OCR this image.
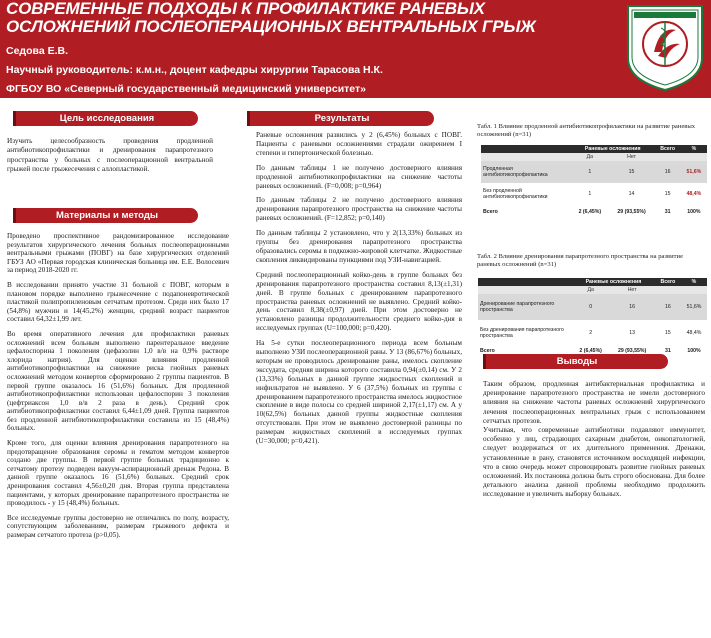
СОВРЕМЕННЫЕ ПОДХОДЫ К ПРОФИЛАКТИКЕ РАНЕВЫХ
ОСЛОЖНЕНИЙ ПОСЛЕОПЕРАЦИОННЫХ ВЕНТРАЛЬНЫХ ГРЫЖ
Седова Е.В.
Научный руководитель: к.м.н., доцент кафедры хирургии Тарасова Н.К.
ФГБОУ ВО «Северный государственный медицинский университет»
Цель исследования

Изучить целесообразность проведения продленной антибиотикопрофилактики и дренирования парапротезного пространства у больных с послеоперационной вентральной грыжей после грыжесечения с аллопластикой.

Материалы и методы

Проведено проспективное рандомизированное исследование результатов хирургического лечения больных послеоперационными вентральными грыжами (ПОВГ) на базе хирургических отделений ГБУЗ АО «Первая городская клиническая больница им. Е.Е. Волосевич за период 2018-2020 гг.

В исследовании принято участие 31 больной с ПОВГ, которым в плановом порядке выполнено грыжесечение с подапоневротической пластикой полипропиленовым сетчатым протезом. Среди них было 17 (54,8%) мужчин и 14(45,2%) женщин, средний возраст пациентов составил 64,32±1,99 лет.

Во время оперативного лечения для профилактики раневых осложнений всем больным выполнено парентеральное введение цефалоспорина 1 поколения (цефазолин 1,0 в/в на 0,9% растворе хлорида натрия). Для оценки влияния продленной антибиотикопрофилактики на снижение риска гнойных раневых осложнений методом конвертов сформировано 2 группы пациентов. В первой группе оказалось 16 (51,6%) больных. Для продленной антибиотикопрофилактики использован цефалоспорин 3 поколения (цефтриаксон 1,0 в/в 2 раза в день). Средний срок антибиотикопрофилактики составил 6,44±1,09 дней. Группа пациентов без продленной антибиотикопрофилактики составила из 15 (48,4%) больных.

Кроме того, для оценки влияния дренирования парапротезного на предотвращение образования серомы и гематом методом конвертов создано две группы. В первой группе больных традиционно к сетчатому протезу подведен вакуум-аспирационный дренаж Редона. В данной группе оказалось 16 (51,6%) больных. Средний срок дренирования составил 4,56±0,20 дня. Вторая группа представлена пациентами, у которых дренирование парапротезного пространства не проводилось - у 15 (48,4%) больных.

Все исследуемые группы достоверно не отличались по полу, возрасту, сопутствующим заболеваниям, размерам грыжевого дефекта и размерам сетчатого протеза (p>0,05).

Результаты

Раневые осложнения развились у 2 (6,45%) больных с ПОВГ. Пациенты с раневыми осложнениями страдали ожирением I степени и гипертонической болезнью.

По данным таблицы 1 не получено достоверного влияния продленной антибиотикопрофилактики на снижение частоты раневых осложнений. (F=0,008; p=0,964)

По данным таблицы 2 не получено достоверного влияния дренирования парапротезного пространства на снижение частоты раневых осложнений. (F=12,852; p=0,140)

По данным таблицы 2 установлено, что у 2(13,33%) больных из группы без дренирования парапротезного пространства образовались серомы в подкожно-жировой клетчатке. Жидкостные скопления ликвидированы пункциями под УЗИ-навигацией.

Средний послеоперационный койко-день в группе больных без дренирования парапротезного пространства составил 8,13(±1,31) дней. В группе больных с дренированием парапротезного пространства раневых осложнений не выявлено. Средний койко-день составил 8,38(±0,97) дней. При этом достоверно не установлено разницы продолжительности среднего койко-дня в исследуемых группах (U=100,000; p=0,420).

На 5-е сутки послеоперационного периода всем больным выполнено УЗИ послеоперационной раны. У 13 (86,67%) больных, которым не проводилось дренирование раны, имелось скопление экссудата, средняя ширина которого составила 0,94(±0,14) см. У 2 (13,33%) больных в данной группе жидкостных скоплений и инфильтратов не выявлено. У 6 (37,5%) больных из группы с дренированием парапротезного пространства имелось жидкостное скопление в виде полосы со средней шириной 2,17(±1,17) см. А у 10(62,5%) больных данной группы жидкостные скопления отсутствовали. При этом не выявлено достоверной разницы по размерам жидкостных скоплений в исследуемых группах (U=30,000; p=0,421).

Табл. 1 Влияние продленной антибиотикопрофилактики на развитие раневых осложнений (n=31)
	Раневые осложнения		Всего	%
	Да	Нет		
Продленная антибиотикопрофилактика	1	15	16	51,6%
Без продленной антибиотикопрофилактики	1	14	15	48,4%
Всего	2 (6,45%)	29 (93,55%)	31	100%
Табл. 2 Влияние дренирования парапротезного пространства на развитие раневых осложнений (n=31)
	Раневые осложнения		Всего	%
	Да	Нет		
Дренирование парапротезного пространства	0	16	16	51,6%
Без дренирования парапротезного пространства	2	13	15	48,4%
Всего	2 (6,45%)	29 (93,55%)	31	100%
Выводы

Таким образом, продленная антибактериальная профилактика и дренирование парапротезного пространства не имели достоверного влияния на снижение частоты раневых осложнений хирургического лечения послеоперационных вентральных грыж с использованием сетчатых протезов.

Учитывая, что современные антибиотики подавляют иммунитет, особенно у лиц, страдающих сахарным диабетом, онкопатологией, следует воздержаться от их длительного применения. Дренажи, установленные в рану, становятся источником восходящей инфекции, что в свою очередь может спровоцировать развитие гнойных раневых осложнений. Их постановка должна быть строго обоснована. Для более детального анализа данной проблемы необходимо продолжить исследование и увеличить выборку больных.
